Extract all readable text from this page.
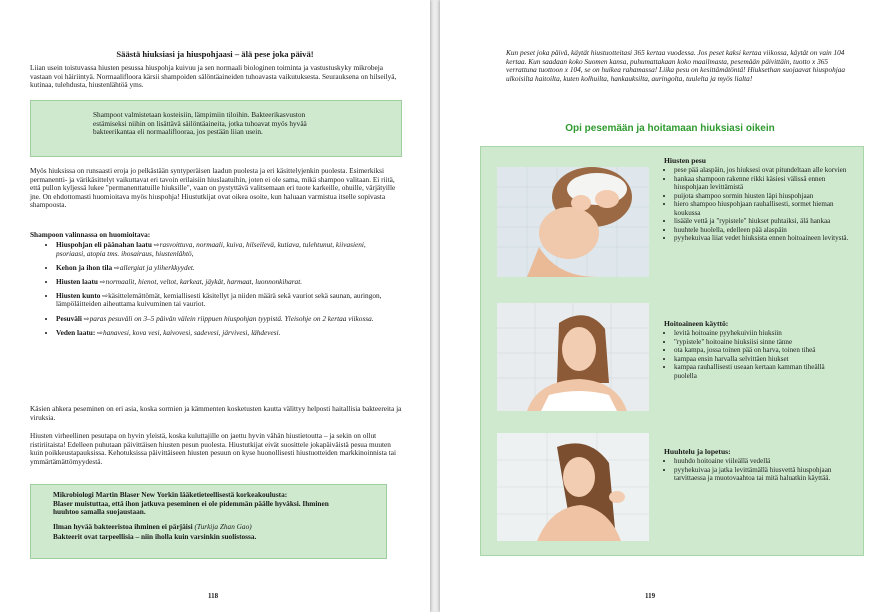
Säästä hiuksiasi ja hiuspohjaasi – älä pese joka päivä!

Liian usein toistuvassa hiusten pesussa hiuspohja kuivuu ja sen normaali biologinen toiminta ja vastustuskyky mikrobeja vastaan voi häiriintyä. Normaalifloora kärsii shampoiden sälöntäaineiden tuhoavasta vaikutuksesta. Seurauksena on hilseilyä, kutinaa, tulehdusta, hiustenlähtöä yms.

Shampoot valmistetaan kosteisiin, lämpimiin tiloihin. Bakteerikasvuston estämiseksi niihin on lisättävä säilöntäaineita, jotka tuhoavat myös hyvää bakteerikantaa eli normaaliflooraa, jos pestään liian usein.

Myös hiuksissa on runsaasti eroja jo pelkästään syntyperäisen laadun puolesta ja eri käsittelyjenkin puolesta. Esimerkiksi permanentti- ja värikäsittelyt vaikuttavat eri tavoin erilaisiin hiuslaatuihin, joten ei ole sama, mikä shampoo valitaan. Ei riitä, että pullon kyljessä lukee "permanenttatuille hiuksille", vaan on pystyttävä valitsemaan eri tuote karkeille, ohuille, värjätyille jne. On ehdottomasti huomioitava myös hiuspohja! Hiustutkijat ovat oikea osoite, kun haluaan varmistua itselle sopivasta shampoosta.

Shampoon valinnassa on huomioitava:
• Hiuspohjan eli päänahan laatu ⇨rasvoittuva, normaali, kuiva, hilseilevä, kutiava, tulehtunut, kiivasieni, psoriaasi, atopia tms. ihosairaus, hiustenlähtö,
• Kehon ja ihon tila ⇨allergiat ja yliherkkyydet.
• Hiusten laatu ⇨normaalit, hienot, veltot, karkeat, jäykät, harmaat, luonnonkiharat.
• Hiusten kunto ⇨käsittelemättömät, kemiallisesti käsitellyt ja niiden määrä sekä vauriot sekä saunan, auringon, lämpöläitteiden aiheuttama kuivuminen tai vauriot.
• Pesuväli ⇨paras pesuväli on 3–5 päivän välein riippuen hiuspohjan tyypistä. Yleisohje on 2 kertaa viikossa.
• Veden laatu: ⇨hanavesi, kova vesi, kaivovesi, sadevesi, järvivesi, lähdevesi.

Käsien ahkera peseminen on eri asia, koska sormien ja kämmenten kosketusten kautta välittyy helposti haitallisia bakteereita ja viruksia.

Hiusten virheellinen pesutapa on hyvin yleistä, koska kuluttajille on jaettu hyvin vähän hiustietoutta – ja sekin on ollut ristiriitaista! Edelleen puhutaan päivittäisen hiusten pesun puolesta. Hiustutkijat eivät suosittele jokapäiväistä pesua muuten kuin poikkeustapauksissa. Kehotuksissa päivittäiseen hiusten pesuun on kyse huonollisesti hiustuotteiden markkinoinnista tai ymmärtämättömyydestä.

Mikrobiologi Martin Blaser New Yorkin lääketieteellisestä korkeakoulusta:
Blaser muistuttaa, että ihon jatkuva peseminen ei ole pidemmän päälle hyväksi. Ihminen huuhtoo samalla suojaustaan.
Ilman hyvää bakteeristoa ihminen ei pärjäisi (Turkija Zhan Gao)
Bakteerit ovat tarpeellisia – niin iholla kuin varsinkin suolistossa.
118

Kun peset joka päivä, käytät hiustuotteitasi 365 kertaa vuodessa. Jos peset kaksi kertaa viikossa, käytät on vain 104 kertaa. Kun saadaan koko Suomen kansa, puhumattakaan koko maailmasta, pesemään päivittäin, tuotto x 365 verrattuna tuottoon x 104, se on huikea rahamassa! Liika pesu on kesittämätöntä! Hiuksethan suojaavat hiuspohjaa ulkoisilta haitoilta, kuten kolhuilta, hankauksilta, auringolta, tuulelta ja myös lialta!

Opi pesemään ja hoitamaan hiuksiasi oikein
Hiusten pesu
• pese pää alaspäin, jos hiuksesi ovat pitundeltaan alle korvien
• hankaa shampoon rakenne rikki käsiesi välissä ennen hiuspohjaan levittämistä
• puijota shampoo sormin hiusten läpi hiuspohjaan
• hiero shampoo hiuspohjaan rauhallisesti, sormet hieman koukussa
• lisääle vettä ja "rypistele" hiukset puhtaiksi, älä hankaa
• huuhtele huolella, edelleen pää alaspäin
• pyyhekuivaa liiat vedet hiuksista ennen hoitoaineen levitystä.
Hoitoaineen käyttö:
• levitä hoitoaine pyyhekuiviin hiuksiin
• "rypistele" hoitoaine hiuksiisi sinne tänne
• ota kampa, jossa toinen pää on harva, toinen tiheä
• kampaa ensin harvalla selvittäen hiukset
• kampaa rauhallisesti useaan kertaan kamman tiheällä puolella
Huuhtelu ja lopetus:
• huuhdo hoitoaine viileällä vedellä
• pyyhekuivaa ja jatka levittämällä hiusvettä hiuspohjaan tarvittaessa ja muotovaahtoa tai mitä haluatkin käyttää.
119
